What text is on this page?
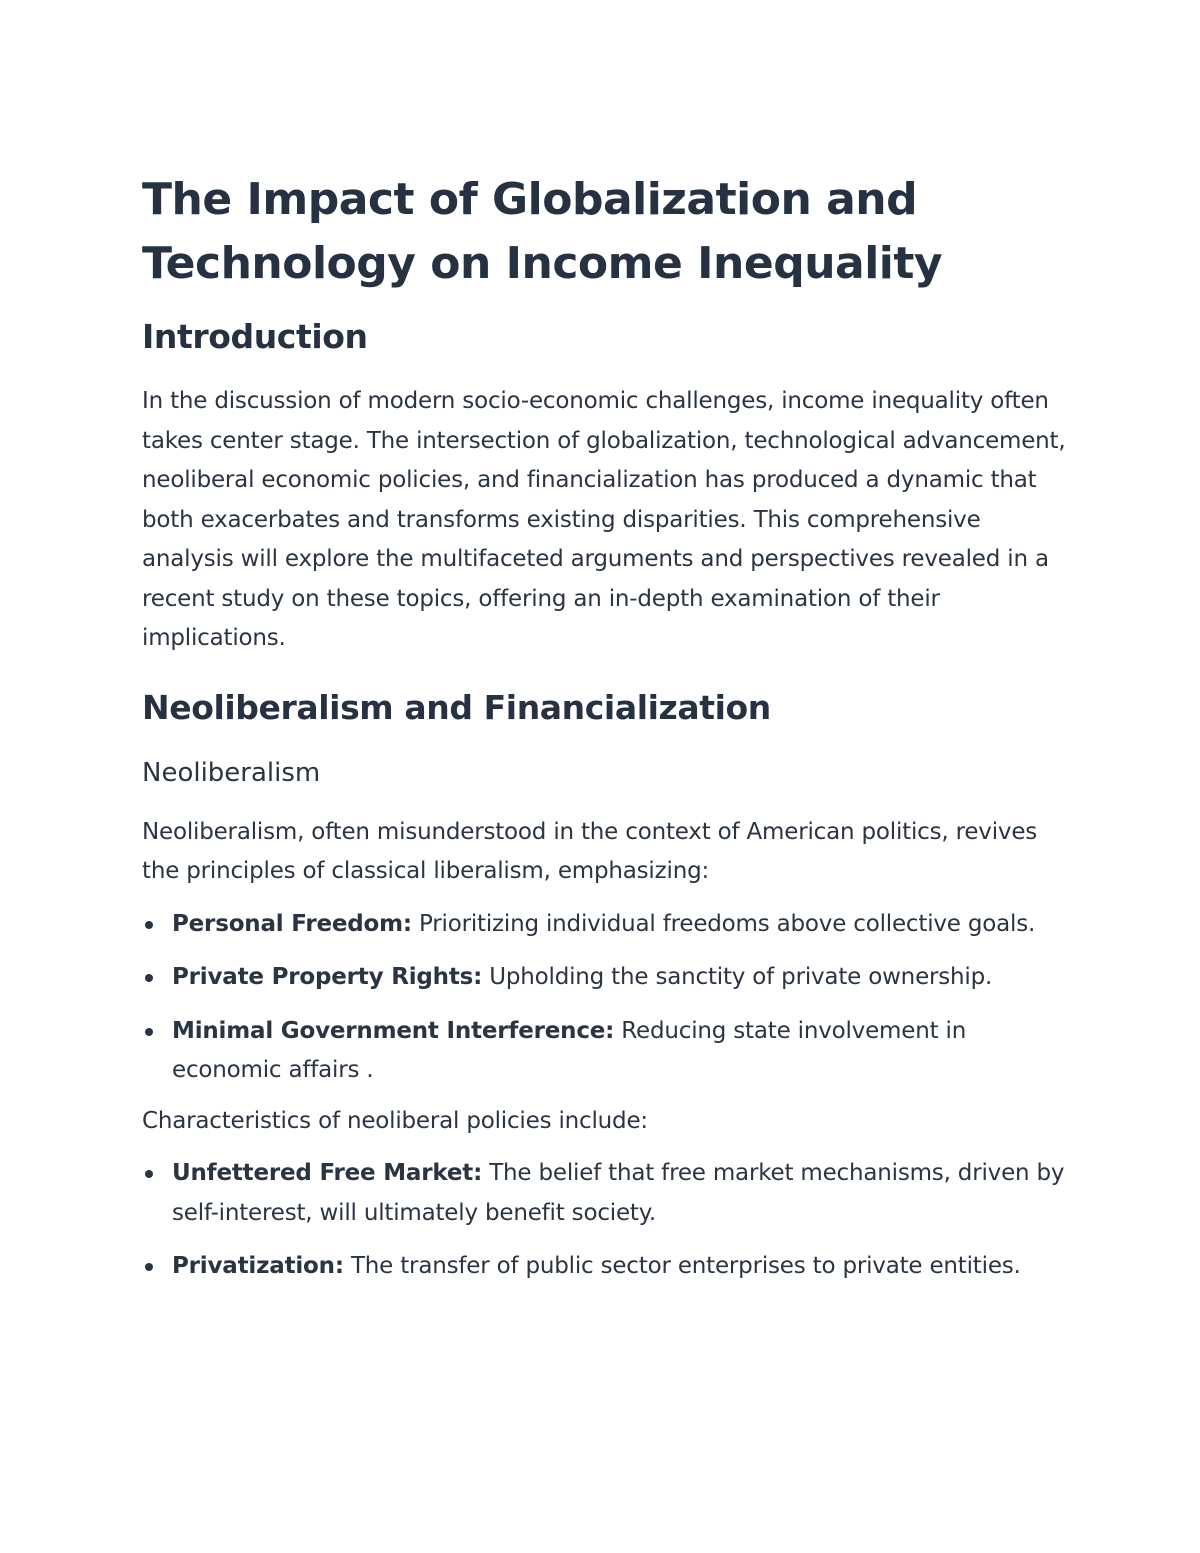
The Impact of Globalization and Technology on Income Inequality
Introduction

In the discussion of modern socio-economic challenges, income inequality often takes center stage. The intersection of globalization, technological advancement, neoliberal economic policies, and financialization has produced a dynamic that both exacerbates and transforms existing disparities. This comprehensive analysis will explore the multifaceted arguments and perspectives revealed in a recent study on these topics, offering an in-depth examination of their implications.

Neoliberalism and Financialization
Neoliberalism

Neoliberalism, often misunderstood in the context of American politics, revives the principles of classical liberalism, emphasizing:

Personal Freedom: Prioritizing individual freedoms above collective goals.
Private Property Rights: Upholding the sanctity of private ownership.
Minimal Government Interference: Reducing state involvement in economic affairs .

Characteristics of neoliberal policies include:

Unfettered Free Market: The belief that free market mechanisms, driven by self-interest, will ultimately benefit society.
Privatization: The transfer of public sector enterprises to private entities.
